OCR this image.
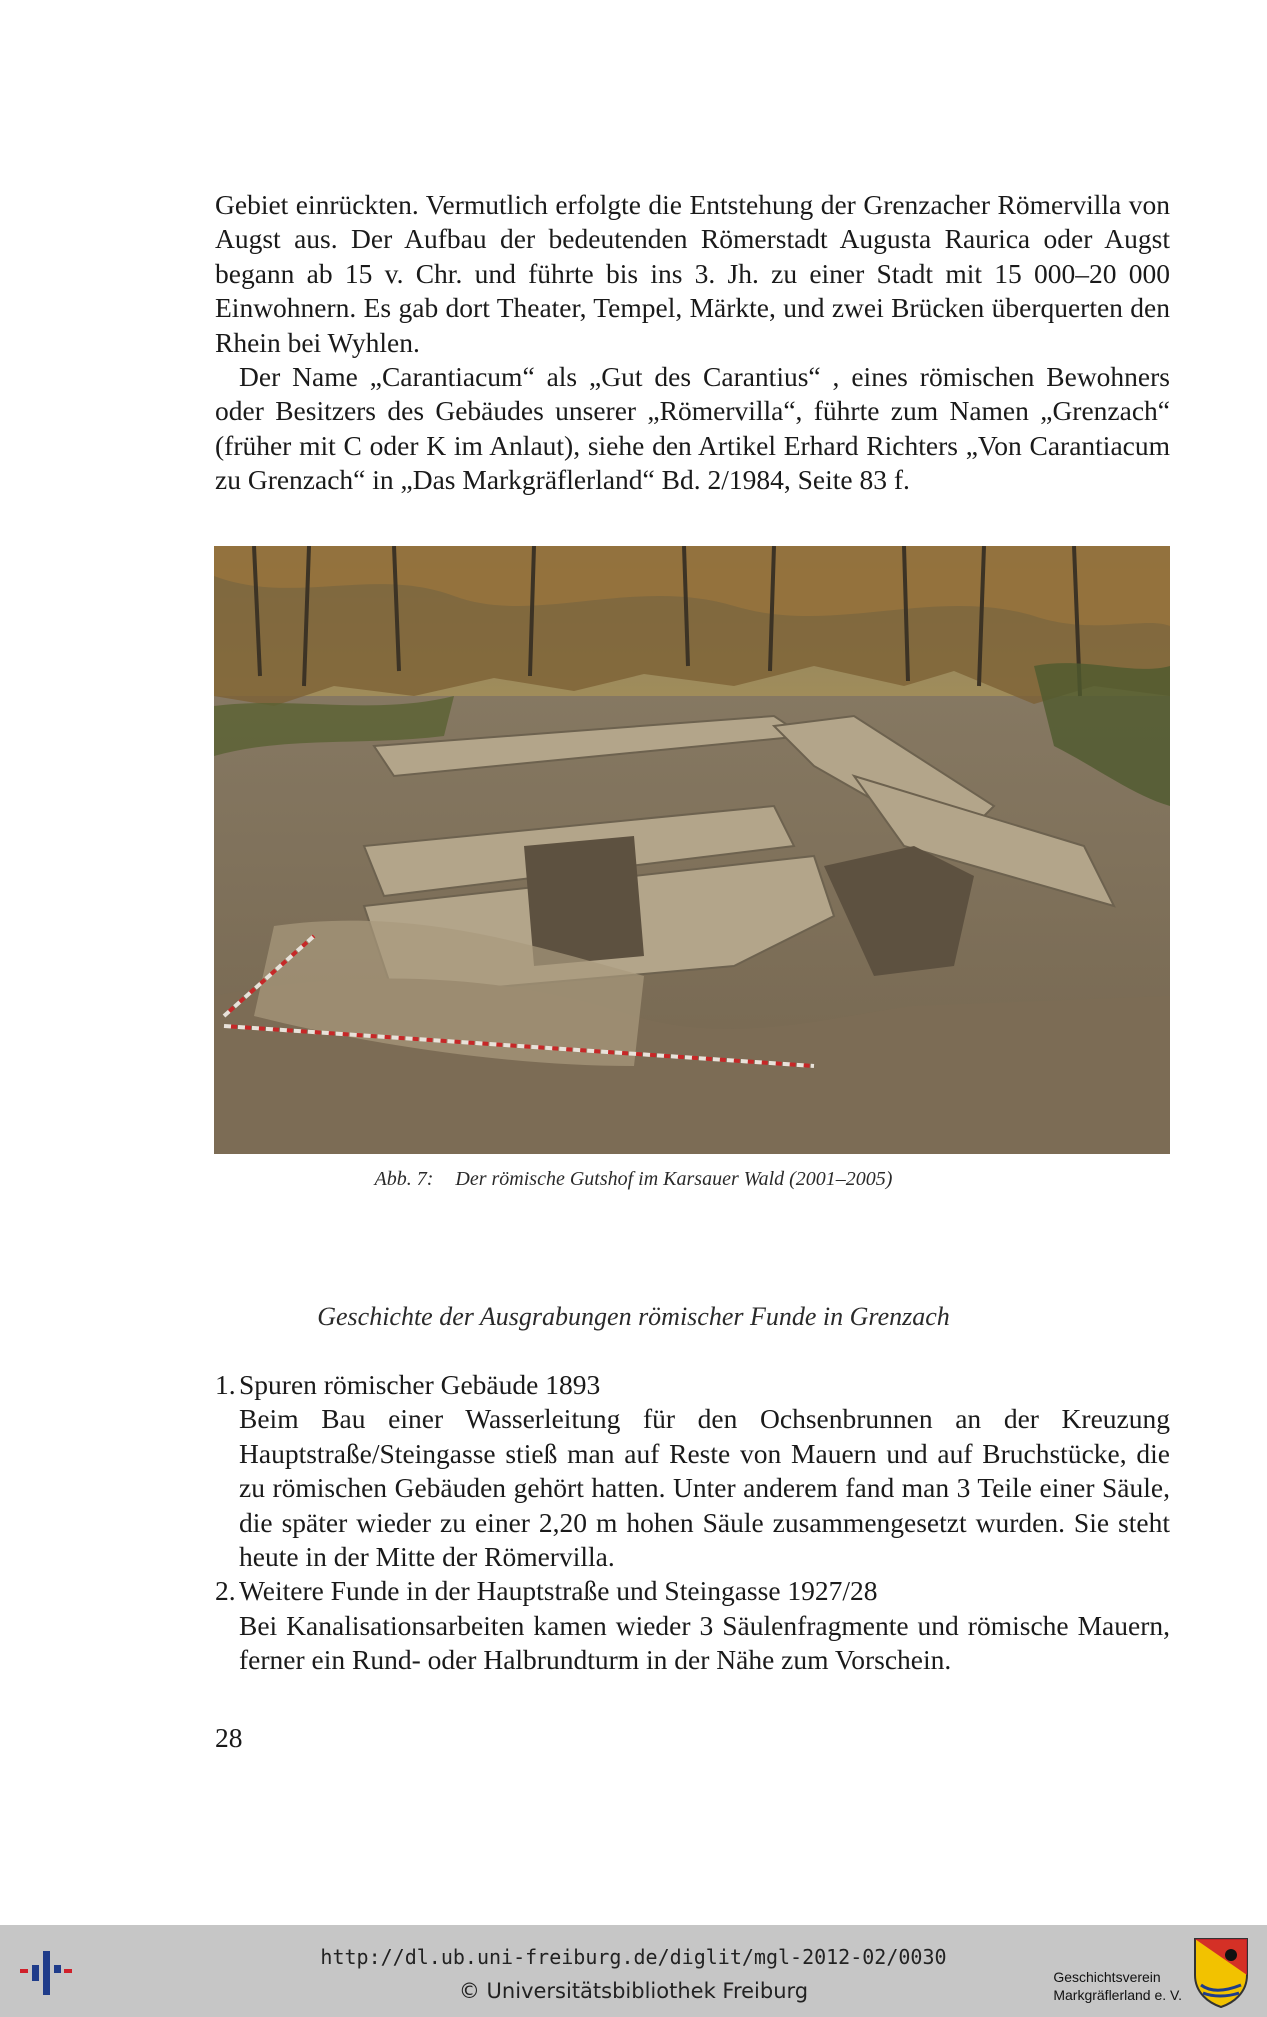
Gebiet einrückten. Vermutlich erfolgte die Entstehung der Grenzacher Römervilla von Augst aus. Der Aufbau der bedeutenden Römerstadt Augusta Raurica oder Augst begann ab 15 v. Chr. und führte bis ins 3. Jh. zu einer Stadt mit 15 000–20 000 Einwohnern. Es gab dort Theater, Tempel, Märkte, und zwei Brücken überquerten den Rhein bei Wyhlen.

Der Name „Carantiacum“ als „Gut des Carantius“ , eines römischen Bewohners oder Besitzers des Gebäudes unserer „Römervilla“, führte zum Namen „Grenzach“ (früher mit C oder K im Anlaut), siehe den Artikel Erhard Richters „Von Carantiacum zu Grenzach“ in „Das Markgräflerland“ Bd. 2/1984, Seite 83 f.

Abb. 7: Der römische Gutshof im Karsauer Wald (2001–2005)
Geschichte der Ausgrabungen römischer Funde in Grenzach
1. Spuren römischer Gebäude 1893
Beim Bau einer Wasserleitung für den Ochsenbrunnen an der Kreuzung Hauptstraße/Steingasse stieß man auf Reste von Mauern und auf Bruchstücke, die zu römischen Gebäuden gehört hatten. Unter anderem fand man 3 Teile einer Säule, die später wieder zu einer 2,20 m hohen Säule zusammengesetzt wurden. Sie steht heute in der Mitte der Römervilla.
2. Weitere Funde in der Hauptstraße und Steingasse 1927/28
Bei Kanalisationsarbeiten kamen wieder 3 Säulenfragmente und römische Mauern, ferner ein Rund- oder Halbrundturm in der Nähe zum Vorschein.
28
http://dl.ub.uni-freiburg.de/diglit/mgl-2012-02/0030
© Universitätsbibliothek Freiburg
Geschichtsverein
Markgräflerland e. V.
